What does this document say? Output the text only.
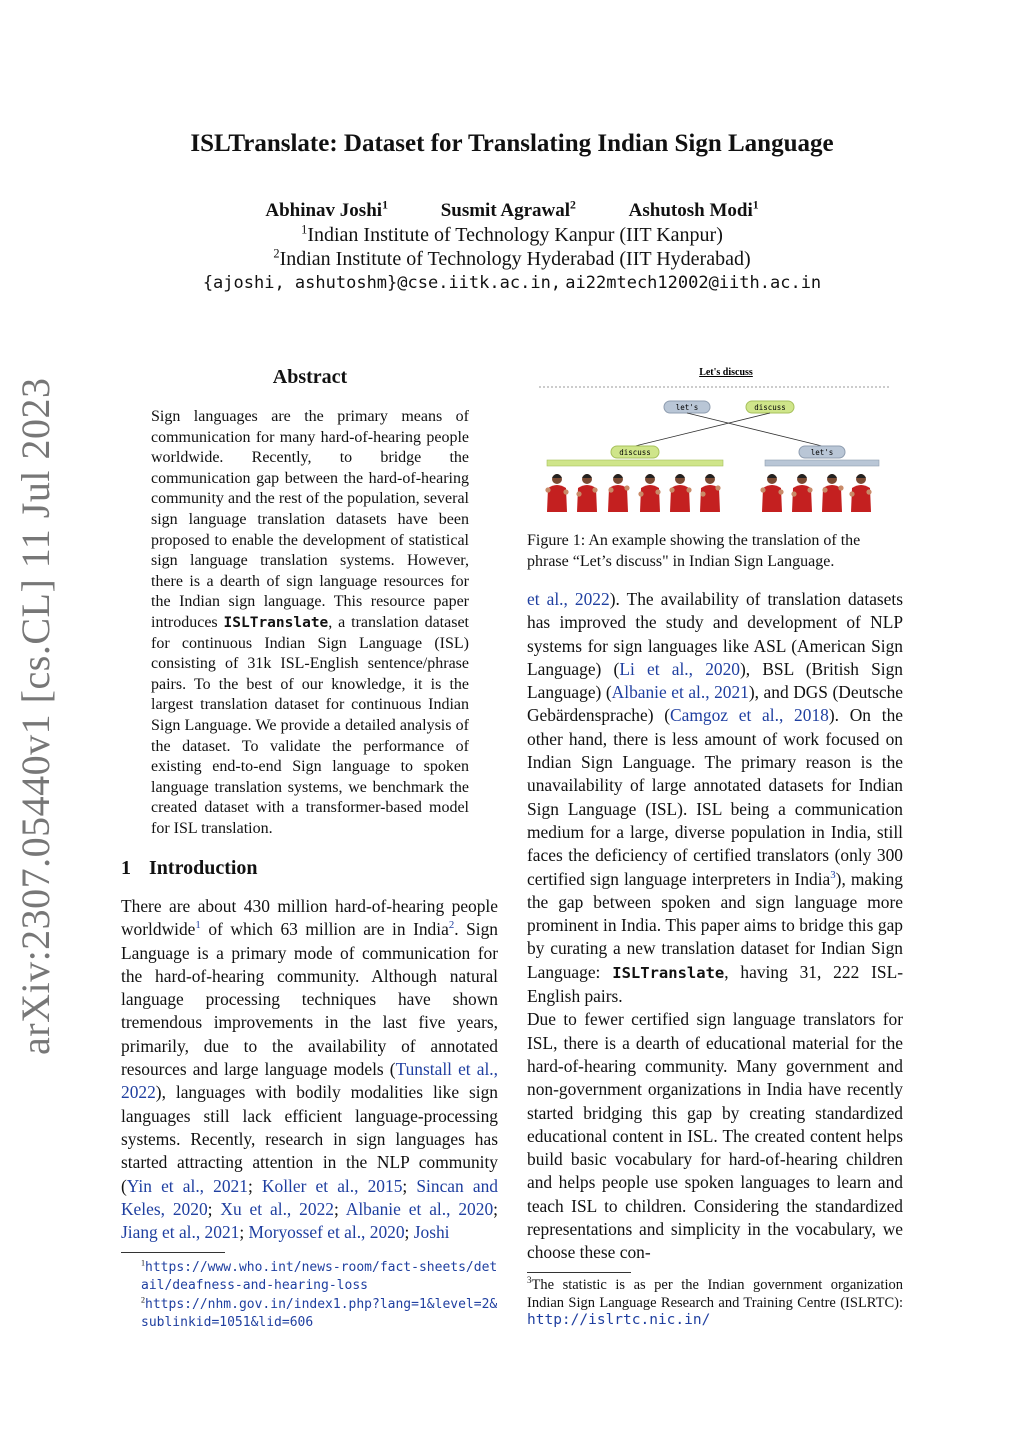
arXiv:2307.05440v1 [cs.CL] 11 Jul 2023
ISLTranslate: Dataset for Translating Indian Sign Language
Abhinav Joshi$^1$	Susmit Agrawal$^2$	Ashutosh Modi$^1$
$^1$Indian Institute of Technology Kanpur (IIT Kanpur)
$^2$Indian Institute of Technology Hyderabad (IIT Hyderabad)
{ajoshi, ashutoshm}@cse.iitk.ac.in, ai22mtech12002@iith.ac.in
Abstract
Sign languages are the primary means of communication for many hard-of-hearing people worldwide. Recently, to bridge the communication gap between the hard-of-hearing community and the rest of the population, several sign language translation datasets have been proposed to enable the development of statistical sign language translation systems. However, there is a dearth of sign language resources for the Indian sign language. This resource paper introduces ISLTranslate, a translation dataset for continuous Indian Sign Language (ISL) consisting of 31k ISL-English sentence/phrase pairs. To the best of our knowledge, it is the largest translation dataset for continuous Indian Sign Language. We provide a detailed analysis of the dataset. To validate the performance of existing end-to-end Sign language to spoken language translation systems, we benchmark the created dataset with a transformer-based model for ISL translation.
1 Introduction
There are about 430 million hard-of-hearing people worldwide$^1$ of which 63 million are in India$^2$. Sign Language is a primary mode of communication for the hard-of-hearing community. Although natural language processing techniques have shown tremendous improvements in the last five years, primarily, due to the availability of annotated resources and large language models (Tunstall et al., 2022), languages with bodily modalities like sign languages still lack efficient language-processing systems. Recently, research in sign languages has started attracting attention in the NLP community (Yin et al., 2021; Koller et al., 2015; Sincan and Keles, 2020; Xu et al., 2022; Albanie et al., 2020; Jiang et al., 2021; Moryossef et al., 2020; Joshi
$^1$https://www.who.int/news-room/fact-sheets/detail/deafness-and-hearing-loss
$^2$https://nhm.gov.in/index1.php?lang=1&level=2&sublinkid=1051&lid=606
Let's discuss
let's	discuss
discuss	let's
Figure 1: An example showing the translation of the phrase “Let’s discuss" in Indian Sign Language.
et al., 2022). The availability of translation datasets has improved the study and development of NLP systems for sign languages like ASL (American Sign Language) (Li et al., 2020), BSL (British Sign Language) (Albanie et al., 2021), and DGS (Deutsche Gebärdensprache) (Camgoz et al., 2018). On the other hand, there is less amount of work focused on Indian Sign Language. The primary reason is the unavailability of large annotated datasets for Indian Sign Language (ISL). ISL being a communication medium for a large, diverse population in India, still faces the deficiency of certified translators (only 300 certified sign language interpreters in India$^3$), making the gap between spoken and sign language more prominent in India. This paper aims to bridge this gap by curating a new translation dataset for Indian Sign Language: ISLTranslate, having 31, 222 ISL-English pairs.
Due to fewer certified sign language translators for ISL, there is a dearth of educational material for the hard-of-hearing community. Many government and non-government organizations in India have recently started bridging this gap by creating standardized educational content in ISL. The created content helps build basic vocabulary for hard-of-hearing children and helps people use spoken languages to learn and teach ISL to children. Considering the standardized representations and simplicity in the vocabulary, we choose these con-
$^3$The statistic is as per the Indian government organization Indian Sign Language Research and Training Centre (ISLRTC): http://islrtc.nic.in/
